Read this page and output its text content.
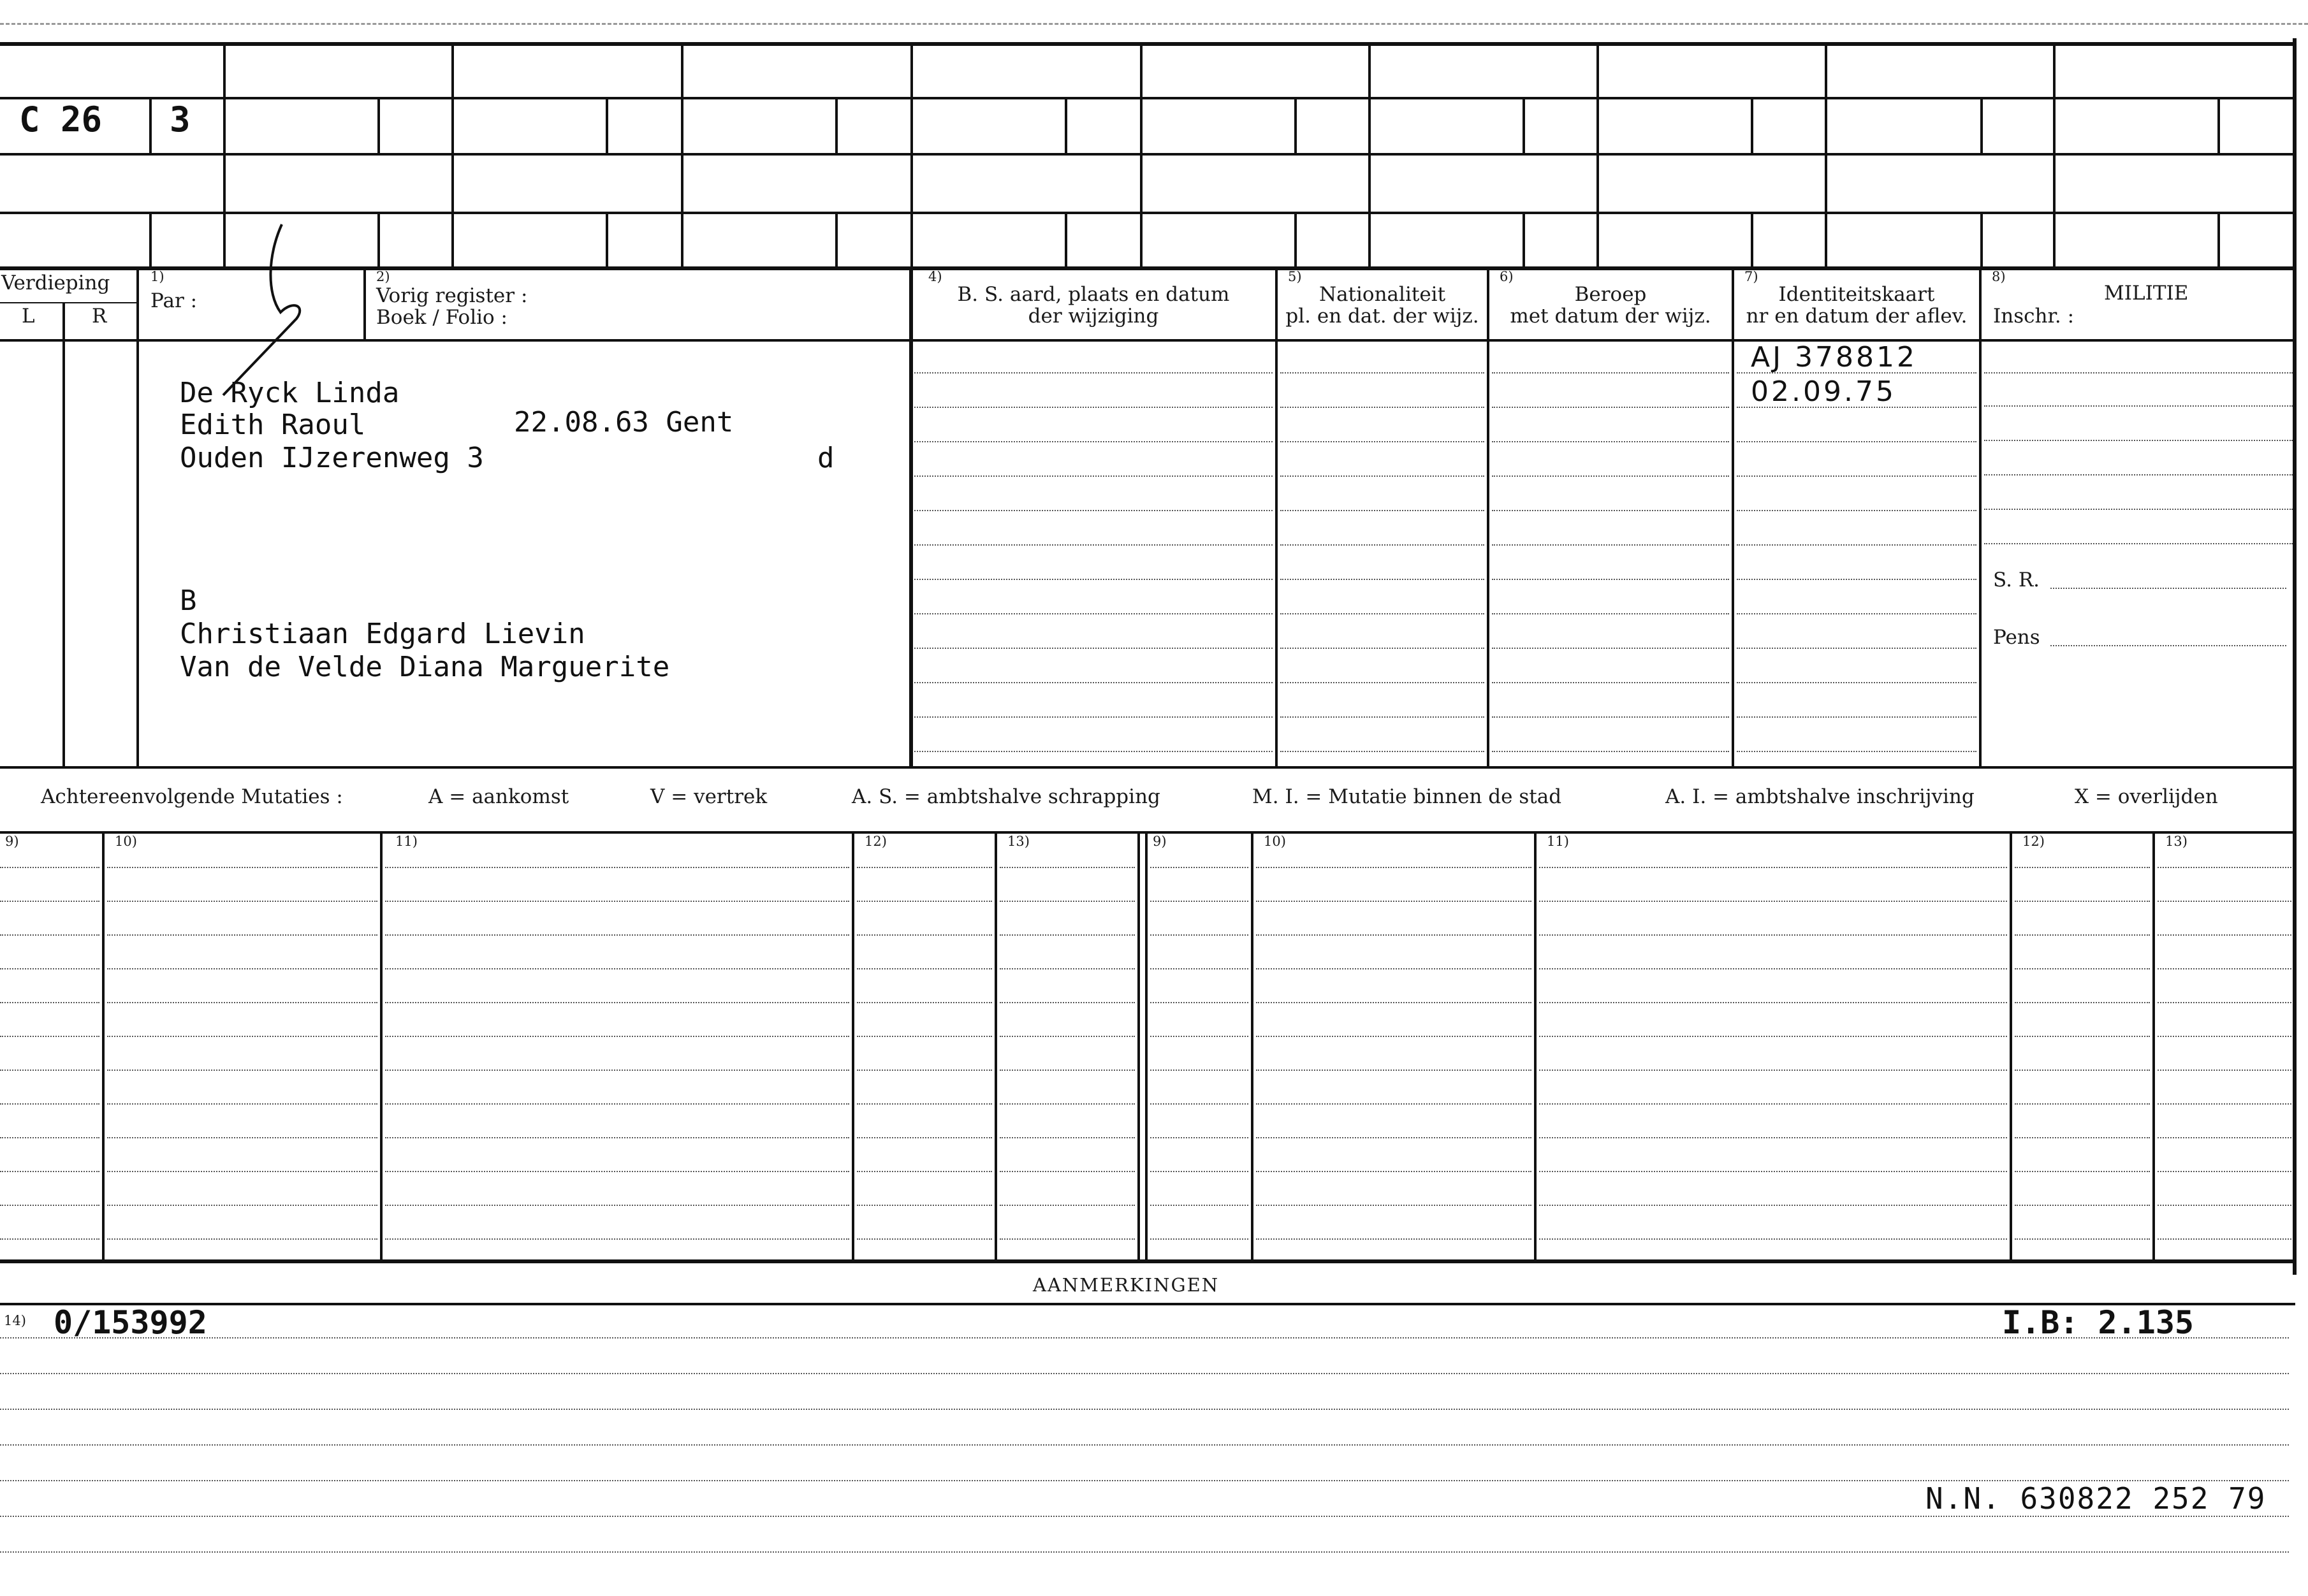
C 26 3
Verdieping
L	R
1)
Par :
2)
Vorig register :
Boek / Folio :
4)
B. S. aard, plaats en datum
der wijziging
5)
Nationaliteit
pl. en dat. der wijz.
6)
Beroep
met datum der wijz.
7)
Identiteitskaart
nr en datum der aflev.
8)
MILITIE
Inschr. :
De Ryck Linda
Edith Raoul	22.08.63 Gent
Ouden IJzerenweg 3	d
B
Christiaan Edgard Lievin
Van de Velde Diana Marguerite
AJ 378812
02.09.75
S. R.
Pens
Achtereenvolgende Mutaties :	A = aankomst	V = vertrek	A. S. = ambtshalve schrapping	M. I. = Mutatie binnen de stad	A. I. = ambtshalve inschrijving	X = overlijden
9)	10)	11)	12)	13)	9)	10)	11)	12)	13)
AANMERKINGEN
14) 0/153992	I.B: 2.135
N.N. 630822 252 79
